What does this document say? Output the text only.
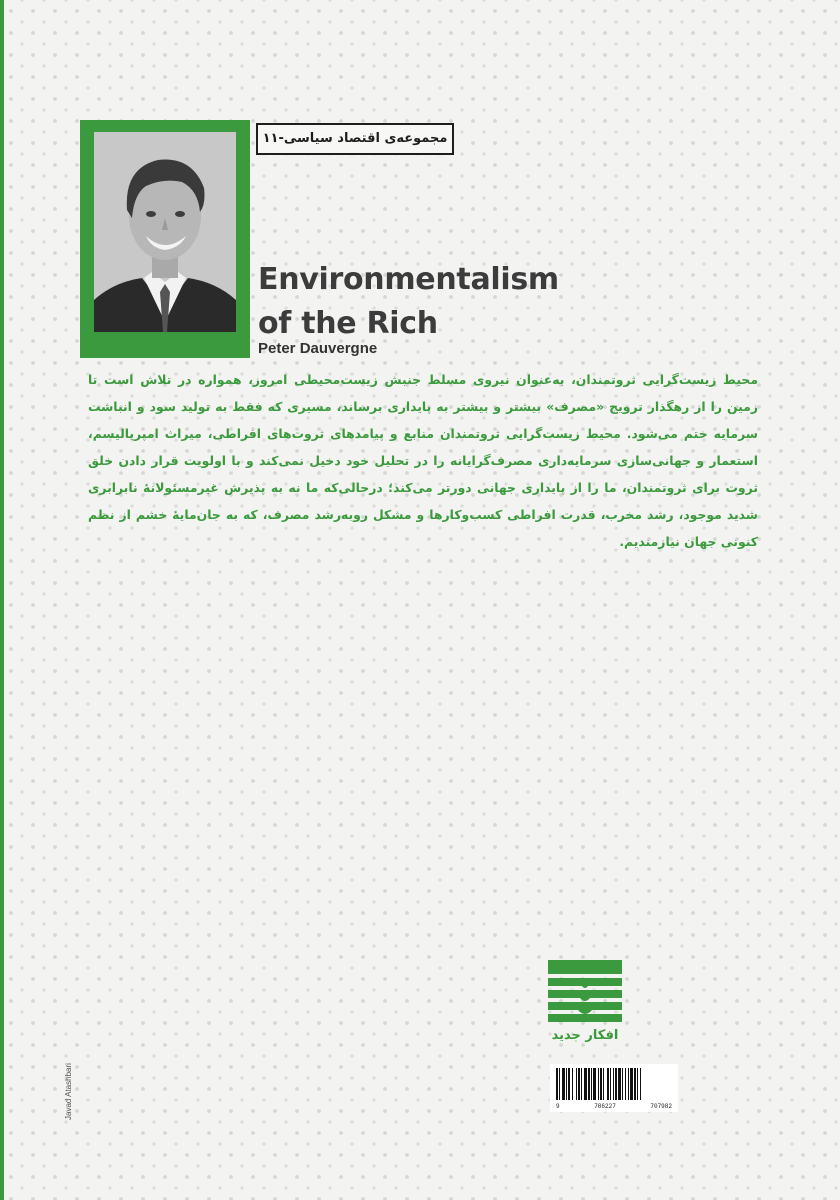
مجموعه‌ی اقتصاد سیاسی-۱۱
Environmentalism
of the Rich
Peter Dauvergne
محیط زیست‌گرایی ثروتمندان، به‌عنوان نیروی مسلط جنبش زیست‌محیطی امروز، همواره در تلاش است تا زمین را از رهگذار ترویج «مصرف» بیشتر و بیشتر به پایداری برساند، مسیری که فقط به تولید سود و انباشت سرمایه ختم می‌شود. محیط زیست‌گرایی ثروتمندان منابع و پیامدهای ثروت‌های افراطی، میراث امپریالیسم، استعمار و جهانی‌سازی سرمایه‌داری مصرف‌گرایانه را در تحلیل خود دخیل نمی‌کند و با اولویت قرار دادن خلق ثروت برای ثروتمندان، ما را از پایداری جهانی دورتر می‌کند؛ درحالی‌که ما نه به پذیرش غیرمسئولانهٔ نابرابری شدید موجود، رشد مخرب، قدرت افراطی کسب‌وکارها و مشکل روبه‌رشد مصرف، که به جان‌مایهٔ خشم از نظم کنونی جهان نیازمندیم.
افکار جدید
Javad Atashbari	9	786227	707982
